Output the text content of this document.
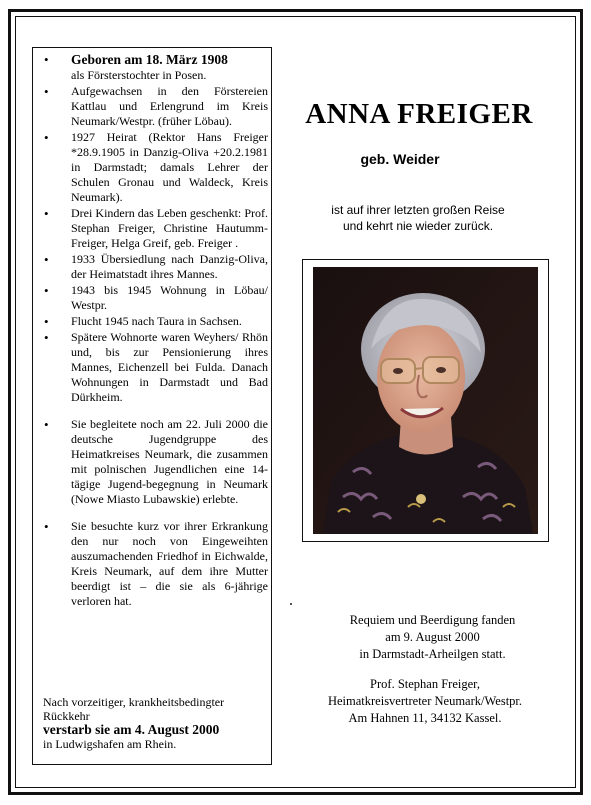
• Geboren am 18. März 1908
als Försterstochter in Posen.
• Aufgewachsen in den Förstereien Kattlau und Erlengrund im Kreis Neumark/Westpr. (früher Löbau).
• 1927 Heirat (Rektor Hans Freiger *28.9.1905 in Danzig-Oliva +20.2.1981 in Darmstadt; damals Lehrer der Schulen Gronau und Waldeck, Kreis Neumark).
• Drei Kindern das Leben geschenkt: Prof. Stephan Freiger, Christine Hautumm-Freiger, Helga Greif, geb. Freiger .
• 1933 Übersiedlung nach Danzig-Oliva, der Heimatstadt ihres Mannes.
• 1943 bis 1945 Wohnung in Löbau/ Westpr.
• Flucht 1945 nach Taura in Sachsen.
• Spätere Wohnorte waren Weyhers/ Rhön und, bis zur Pensionierung ihres Mannes, Eichenzell bei Fulda. Danach Wohnungen in Darmstadt und Bad Dürkheim.
• Sie begleitete noch am 22. Juli 2000 die deutsche Jugendgruppe des Heimatkreises Neumark, die zusammen mit polnischen Jugendlichen eine 14-tägige Jugend-begegnung in Neumark (Nowe Miasto Lubawskie) erlebte.
• Sie besuchte kurz vor ihrer Erkrankung den nur noch von Eingeweihten auszumachenden Friedhof in Eichwalde, Kreis Neumark, auf dem ihre Mutter beerdigt ist – die sie als 6-jährige verloren hat.
Nach vorzeitiger, krankheitsbedingter Rückkehr
verstarb sie am 4. August 2000
in Ludwigshafen am Rhein.
ANNA FREIGER
geb. Weider
ist auf ihrer letzten großen Reise
und kehrt nie wieder zurück.
Requiem und Beerdigung fanden
am 9. August 2000
in Darmstadt-Arheilgen statt.
Prof. Stephan Freiger,
Heimatkreisvertreter Neumark/Westpr.
Am Hahnen 11, 34132 Kassel.
